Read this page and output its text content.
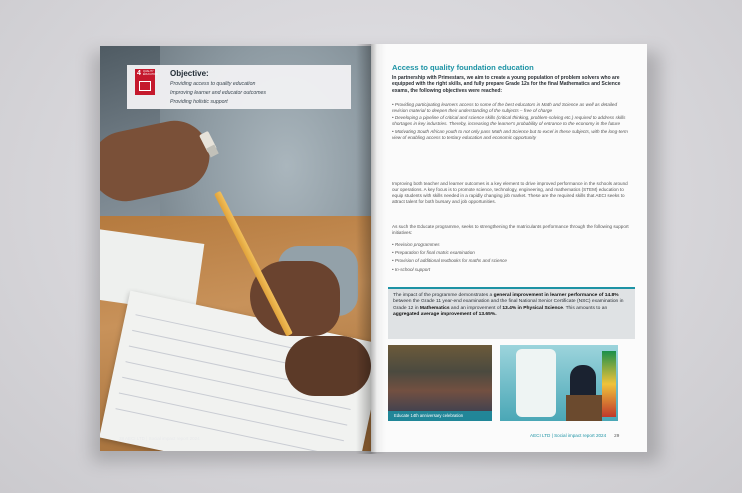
4 QUALITY EDUCATION Objective:
Providing access to quality education
Improving learner and educator outcomes
Providing holistic support
28 AECI LTD | Social impact report 2024
Access to quality foundation education
In partnership with Primestars, we aim to create a young population of problem solvers who are equipped with the right skills, and fully prepare Grade 12s for the final Mathematics and Science exams, the following objectives were reached:
• Providing participating learners access to some of the best educators in Math and Science as well as detailed revision material to deepen their understanding of the subjects – free of charge
• Developing a pipeline of critical and science skills (critical thinking, problem-solving etc.) required to address skills shortages in key industries. Thereby, increasing the learner's probability of entrance to the economy in the future
• Motivating South African youth to not only pass Math and Science but to excel in these subjects, with the long-term view of enabling access to tertiary education and economic opportunity
Improving both teacher and learner outcomes is a key element to drive improved performance in the schools around our operations. A key focus is to promote science, technology, engineering, and mathematics (STEM) education to equip students with skills needed in a rapidly changing job market. These are the required skills that AECI seeks to attract talent for both bursary and job opportunities.
As such the Educate programme, seeks to strengthening the matriculants performance through the following support initiatives:
• Revision programmes
• Preparation for final matric examination
• Provision of additional textbooks for maths and science
• In-school support
The impact of the programme demonstrates a general improvement in learner performance of 14.8% between the Grade 11 year-end examination and the final National Senior Certificate (NSC) examination in Grade 12 in Mathematics and an improvement of 13.4% in Physical Science. This amounts to an aggregated average improvement of 13.65%.
Educate 14th anniversary celebration
AECI LTD | Social impact report 2024 29
